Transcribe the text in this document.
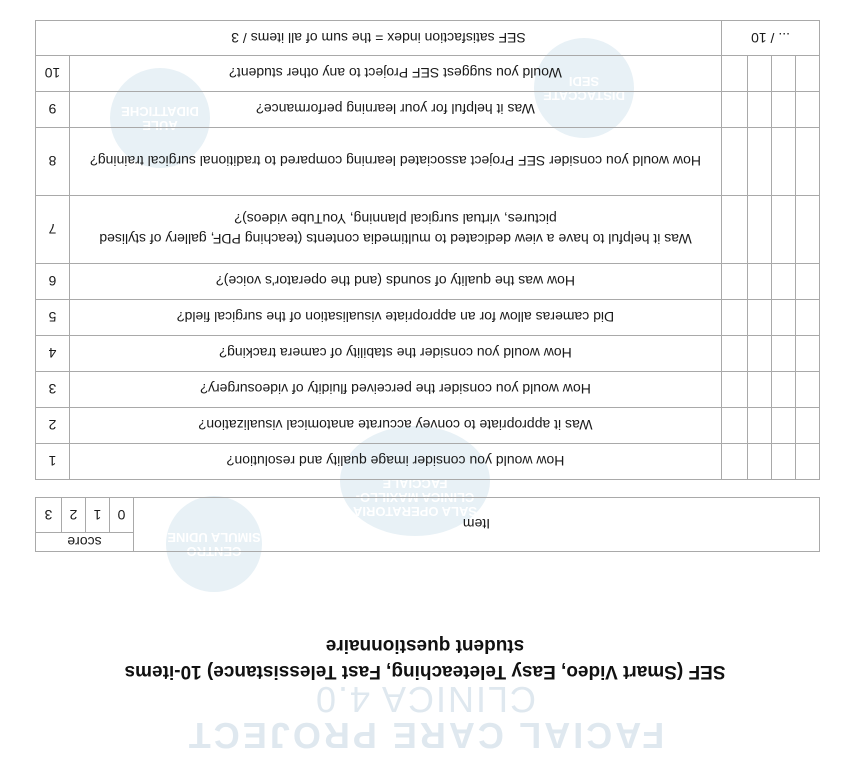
FACIAL CARE PROJECT
CLINICA 4.0
CENTRO SIMULA UDINE
SALA OPERATORIA CLINICA MAXILLO-FACCIALE
AULE DIDATTICHE
DISTACCATE SEDI
SEF (Smart Video, Easy Teleteaching, Fast Telessistance) 10-items
student questionnaire
Item	score			
	0	1	2	3
				How would you consider image quality and resolution?	1
				Was it appropriate to convey accurate anatomical visualization?	2
				How would you consider the perceived fluidity of videosurgery?	3
				How would you consider the stability of camera tracking?	4
				Did cameras allow for an appropriate visualisation of the surgical field?	5
				How was the quality of sounds (and the operator's voice)?	6
				Was it helpful to have a view dedicated to multimedia contents (teaching PDF, gallery of stylised pictures, virtual surgical planning, YouTube videos)?	7
				How would you consider SEF Project associated learning compared to traditional surgical training?	8
				Was it helpful for your learning performance?	9
				Would you suggest SEF Project to any other student?	10
... / 10				SEF satisfaction index = the sum of all items / 3	
